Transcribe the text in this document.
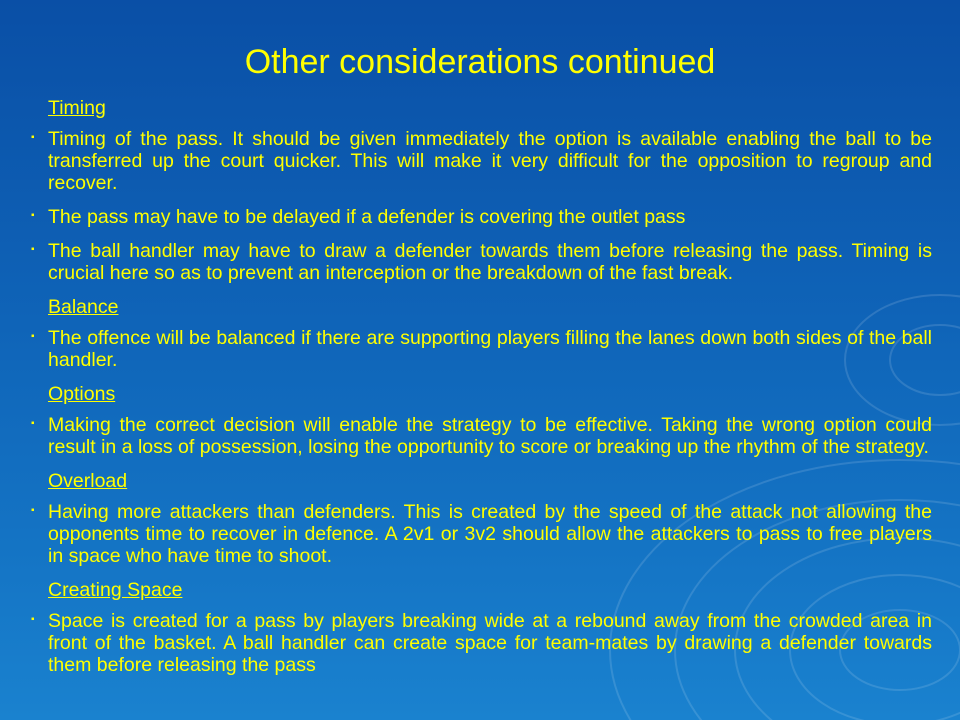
Other considerations continued
Timing
▪ Timing of the pass. It should be given immediately the option is available enabling the ball to be transferred up the court quicker. This will make it very difficult for the opposition to regroup and recover.
▪ The pass may have to be delayed if a defender is covering the outlet pass
▪ The ball handler may have to draw a defender towards them before releasing the pass. Timing is crucial here so as to prevent an interception or the breakdown of the fast break.
Balance
▪ The offence will be balanced if there are supporting players filling the lanes down both sides of the ball handler.
Options
▪ Making the correct decision will enable the strategy to be effective. Taking the wrong option could result in a loss of possession, losing the opportunity to score or breaking up the rhythm of the strategy.
Overload
▪ Having more attackers than defenders. This is created by the speed of the attack not allowing the opponents time to recover in defence. A 2v1 or 3v2 should allow the attackers to pass to free players in space who have time to shoot.
Creating Space
▪ Space is created for a pass by players breaking wide at a rebound away from the crowded area in front of the basket. A ball handler can create space for team-mates by drawing a defender towards them before releasing the pass
